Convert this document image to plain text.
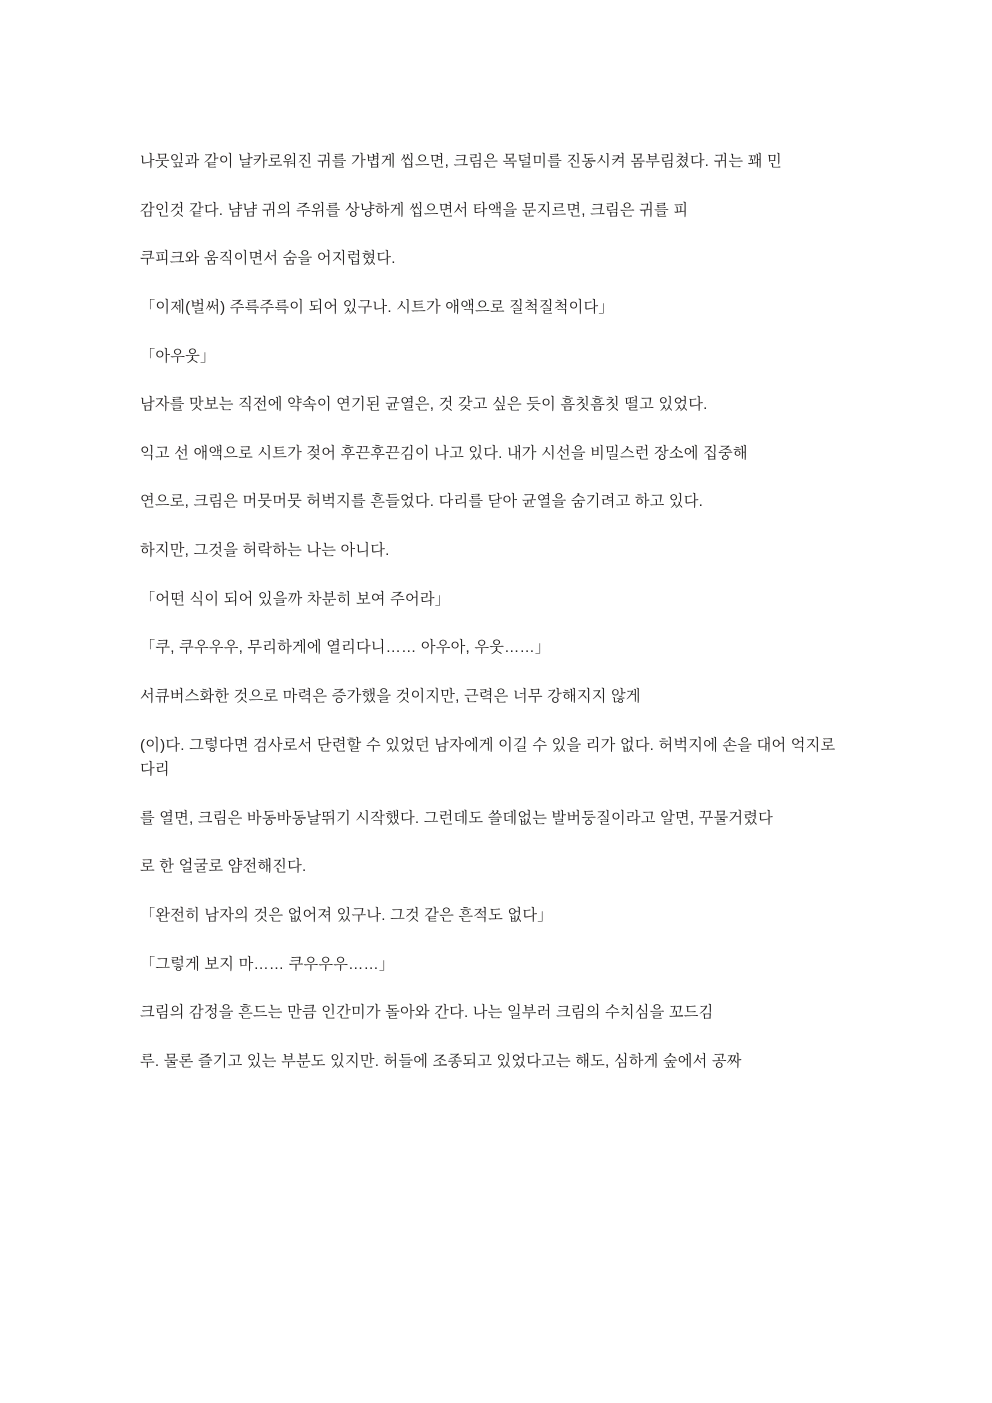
나뭇잎과 같이 날카로워진 귀를 가볍게 씹으면, 크림은 목덜미를 진동시켜 몸부림쳤다. 귀는 꽤 민

감인것 같다. 냠냠 귀의 주위를 상냥하게 씹으면서 타액을 문지르면, 크림은 귀를 피

쿠피크와 움직이면서 숨을 어지럽혔다.

「이제(벌써) 주륵주륵이 되어 있구나. 시트가 애액으로 질척질척이다」

「아우웃」

남자를 맛보는 직전에 약속이 연기된 균열은, 것 갖고 싶은 듯이 흠칫흠칫 떨고 있었다.

익고 선 애액으로 시트가 젖어 후끈후끈김이 나고 있다. 내가 시선을 비밀스런 장소에 집중해

연으로, 크림은 머뭇머뭇 허벅지를 흔들었다. 다리를 닫아 균열을 숨기려고 하고 있다.

하지만, 그것을 허락하는 나는 아니다.

「어떤 식이 되어 있을까 차분히 보여 주어라」

「쿠, 쿠우우우, 무리하게에 열리다니…… 아우아, 우웃……」

서큐버스화한 것으로 마력은 증가했을 것이지만, 근력은 너무 강해지지 않게

(이)다. 그렇다면 검사로서 단련할 수 있었던 남자에게 이길 수 있을 리가 없다. 허벅지에 손을 대어 억지로 다리

를 열면, 크림은 바동바동날뛰기 시작했다. 그런데도 쓸데없는 발버둥질이라고 알면, 꾸물거렸다

로 한 얼굴로 얌전해진다.

「완전히 남자의 것은 없어져 있구나. 그것 같은 흔적도 없다」

「그렇게 보지 마…… 쿠우우우……」

크림의 감정을 흔드는 만큼 인간미가 돌아와 간다. 나는 일부러 크림의 수치심을 꼬드김

루. 물론 즐기고 있는 부분도 있지만. 허들에 조종되고 있었다고는 해도, 심하게 숲에서 공짜
